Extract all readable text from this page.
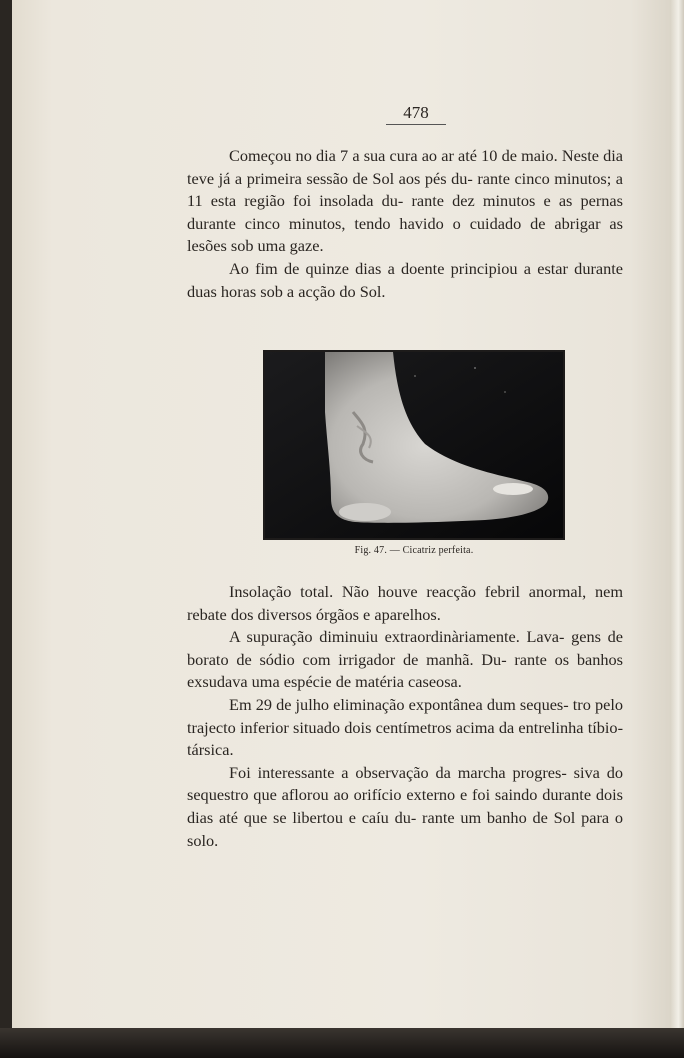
478

Começou no dia 7 a sua cura ao ar até 10 de maio. Neste dia teve já a primeira sessão de Sol aos pés du- rante cinco minutos; a 11 esta região foi insolada du- rante dez minutos e as pernas durante cinco minutos, tendo havido o cuidado de abrigar as lesões sob uma gaze.

Ao fim de quinze dias a doente principiou a estar durante duas horas sob a acção do Sol.

Fig. 47. — Cicatriz perfeita.

Insolação total. Não houve reacção febril anormal, nem rebate dos diversos órgãos e aparelhos.

A supuração diminuiu extraordinàriamente. Lava- gens de borato de sódio com irrigador de manhã. Du- rante os banhos exsudava uma espécie de matéria caseosa.

Em 29 de julho eliminação expontânea dum seques- tro pelo trajecto inferior situado dois centímetros acima da entrelinha tíbio-társica.

Foi interessante a observação da marcha progres- siva do sequestro que aflorou ao orifício externo e foi saindo durante dois dias até que se libertou e caíu du- rante um banho de Sol para o solo.
